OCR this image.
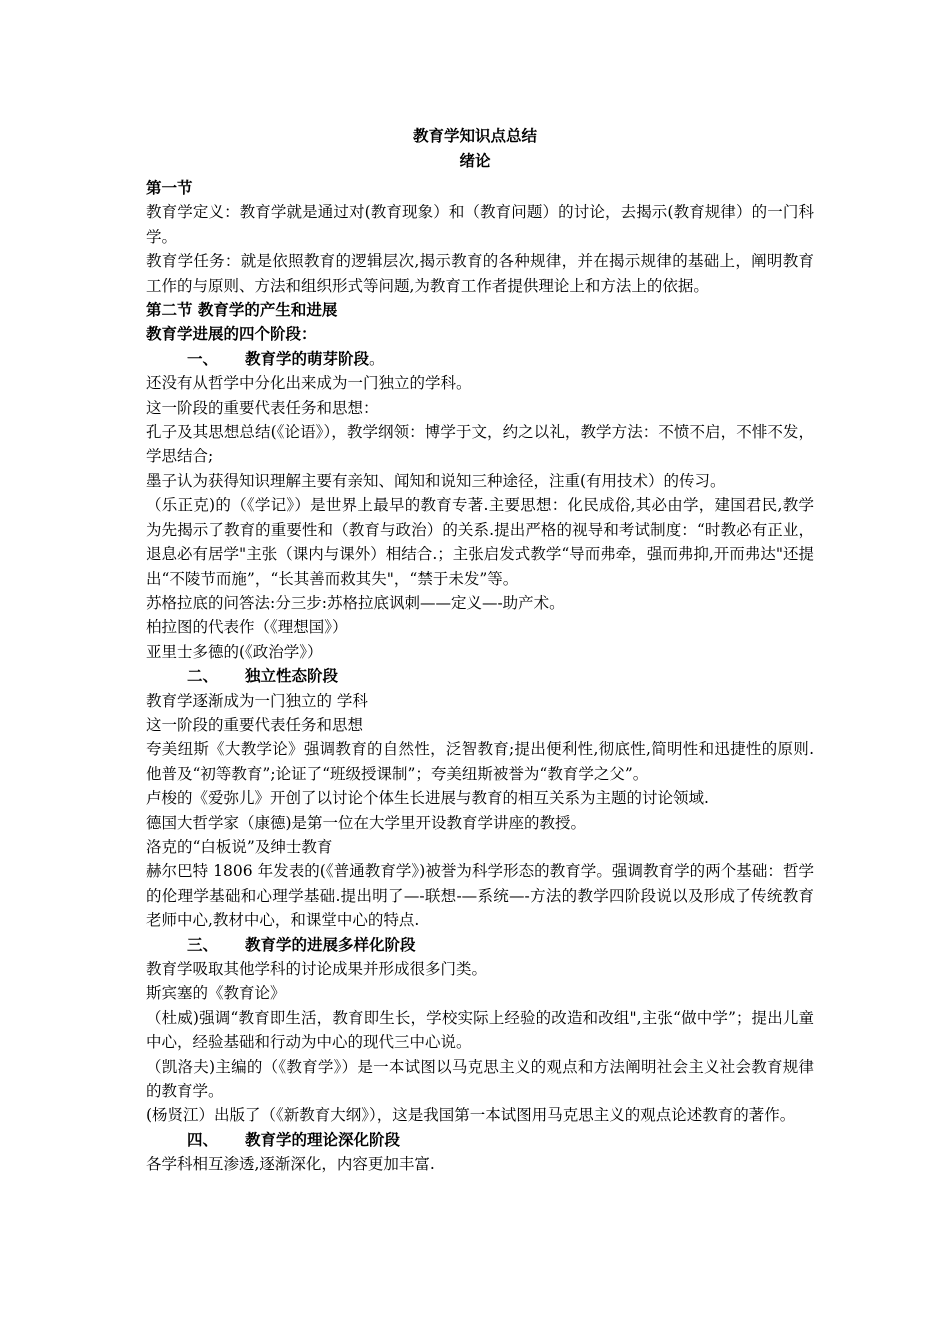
教育学知识点总结
绪论

第一节

教育学定义：教育学就是通过对(教育现象）和（教育问题）的讨论，去揭示(教育规律）的一门科学。

教育学任务：就是依照教育的逻辑层次,揭示教育的各种规律，并在揭示规律的基础上，阐明教育工作的与原则、方法和组织形式等问题,为教育工作者提供理论上和方法上的依据。

第二节 教育学的产生和进展

教育学进展的四个阶段：

一、 教育学的萌芽阶段。

还没有从哲学中分化出来成为一门独立的学科。

这一阶段的重要代表任务和思想：

孔子及其思想总结(《论语》），教学纲领：博学于文，约之以礼，教学方法：不愤不启，不悱不发，学思结合;

墨子认为获得知识理解主要有亲知、闻知和说知三种途径，注重(有用技术）的传习。

（乐正克)的（《学记》）是世界上最早的教育专著.主要思想：化民成俗,其必由学，建国君民,教学为先揭示了教育的重要性和（教育与政治）的关系.提出严格的视导和考试制度：“时教必有正业，退息必有居学"主张（课内与课外）相结合.；主张启发式教学“导而弗牵，强而弗抑,开而弗达"还提出“不陵节而施”，“长其善而救其失"，“禁于未发”等。

苏格拉底的问答法:分三步:苏格拉底讽刺——定义—-助产术。

柏拉图的代表作（《理想国》）

亚里士多德的(《政治学》）

二、 独立性态阶段

教育学逐渐成为一门独立的 学科

这一阶段的重要代表任务和思想

夸美纽斯《大教学论》强调教育的自然性，泛智教育;提出便利性,彻底性,简明性和迅捷性的原则.他普及“初等教育”;论证了“班级授课制”；夸美纽斯被誉为“教育学之父”。

卢梭的《爱弥儿》开创了以讨论个体生长进展与教育的相互关系为主题的讨论领域.

德国大哲学家（康德)是第一位在大学里开设教育学讲座的教授。

洛克的“白板说”及绅士教育

赫尔巴特 1806 年发表的(《普通教育学》)被誉为科学形态的教育学。强调教育学的两个基础：哲学的伦理学基础和心理学基础.提出明了—-联想-—系统—-方法的教学四阶段说以及形成了传统教育老师中心,教材中心，和课堂中心的特点.

三、 教育学的进展多样化阶段

教育学吸取其他学科的讨论成果并形成很多门类。

斯宾塞的《教育论》

（杜威)强调“教育即生活，教育即生长，学校实际上经验的改造和改组",主张“做中学”；提出儿童中心，经验基础和行动为中心的现代三中心说。

（凯洛夫)主编的（《教育学》）是一本试图以马克思主义的观点和方法阐明社会主义社会教育规律的教育学。

(杨贤江）出版了（《新教育大纲》），这是我国第一本试图用马克思主义的观点论述教育的著作。

四、 教育学的理论深化阶段

各学科相互渗透,逐渐深化，内容更加丰富.
